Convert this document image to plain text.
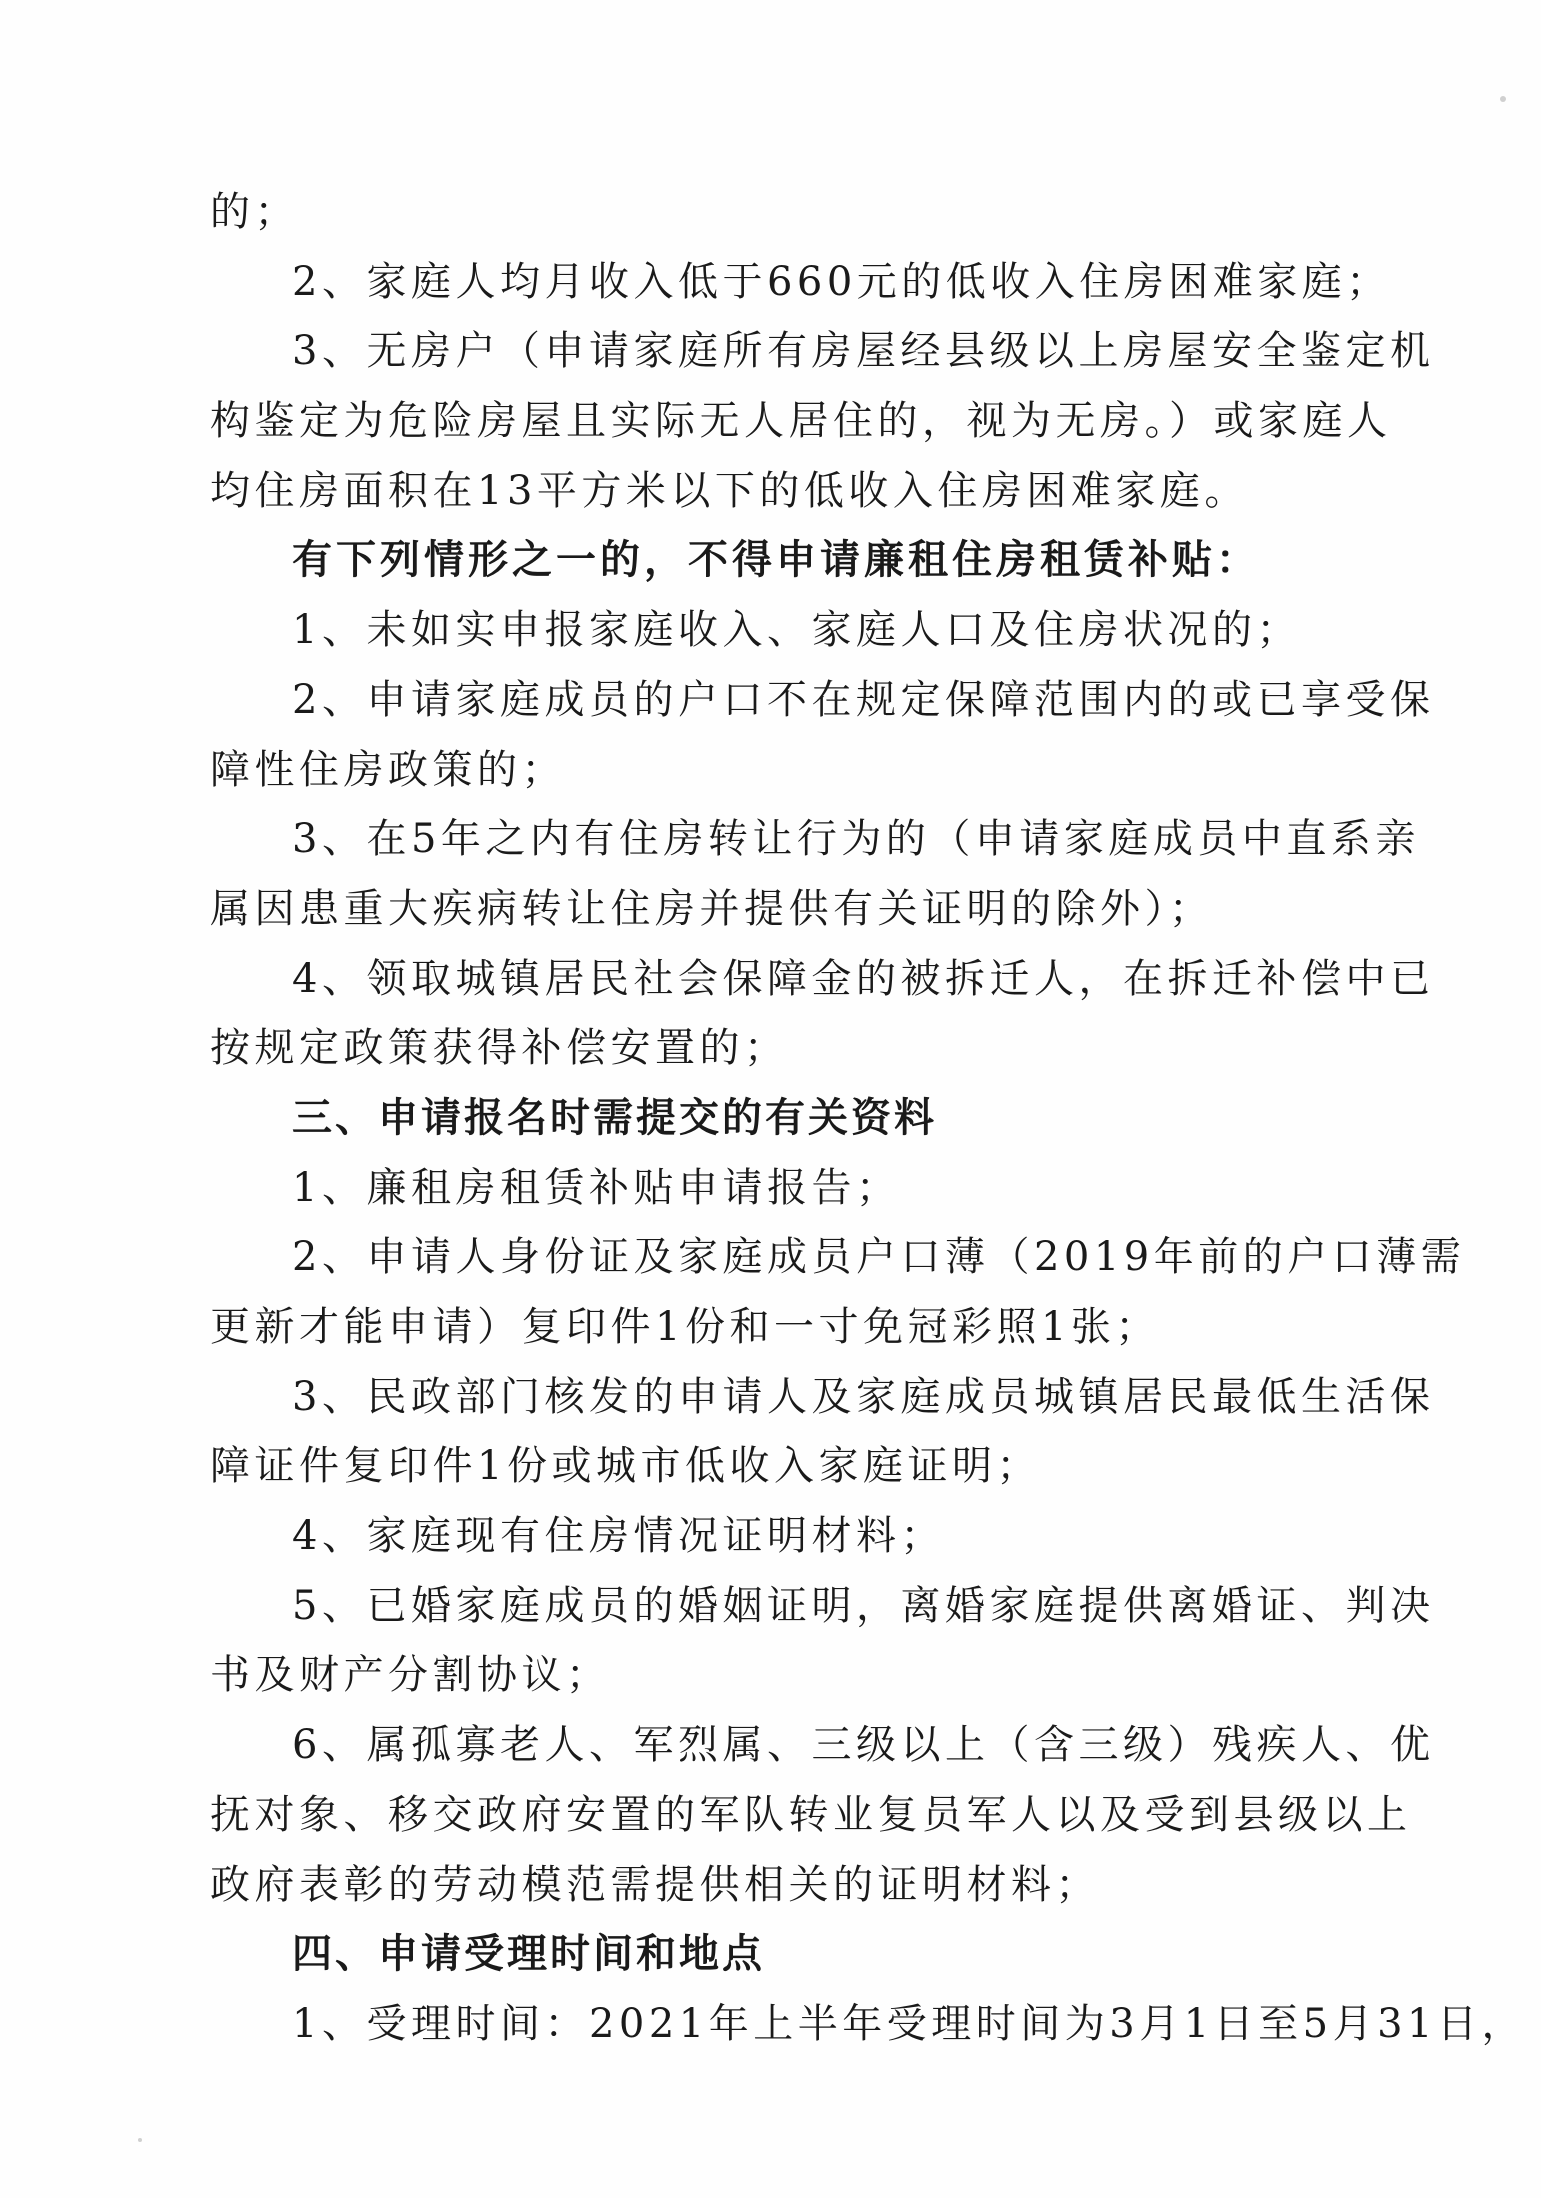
的；
2、家庭人均月收入低于660元的低收入住房困难家庭；
3、无房户（申请家庭所有房屋经县级以上房屋安全鉴定机
构鉴定为危险房屋且实际无人居住的，视为无房。）或家庭人
均住房面积在13平方米以下的低收入住房困难家庭。
有下列情形之一的，不得申请廉租住房租赁补贴：
1、未如实申报家庭收入、家庭人口及住房状况的；
2、申请家庭成员的户口不在规定保障范围内的或已享受保
障性住房政策的；
3、在5年之内有住房转让行为的（申请家庭成员中直系亲
属因患重大疾病转让住房并提供有关证明的除外）；
4、领取城镇居民社会保障金的被拆迁人，在拆迁补偿中已
按规定政策获得补偿安置的；
三、申请报名时需提交的有关资料
1、廉租房租赁补贴申请报告；
2、申请人身份证及家庭成员户口薄（2019年前的户口薄需
更新才能申请）复印件1份和一寸免冠彩照1张；
3、民政部门核发的申请人及家庭成员城镇居民最低生活保
障证件复印件1份或城市低收入家庭证明；
4、家庭现有住房情况证明材料；
5、已婚家庭成员的婚姻证明，离婚家庭提供离婚证、判决
书及财产分割协议；
6、属孤寡老人、军烈属、三级以上（含三级）残疾人、优
抚对象、移交政府安置的军队转业复员军人以及受到县级以上
政府表彰的劳动模范需提供相关的证明材料；
四、申请受理时间和地点
1、受理时间：2021年上半年受理时间为3月1日至5月31日，
